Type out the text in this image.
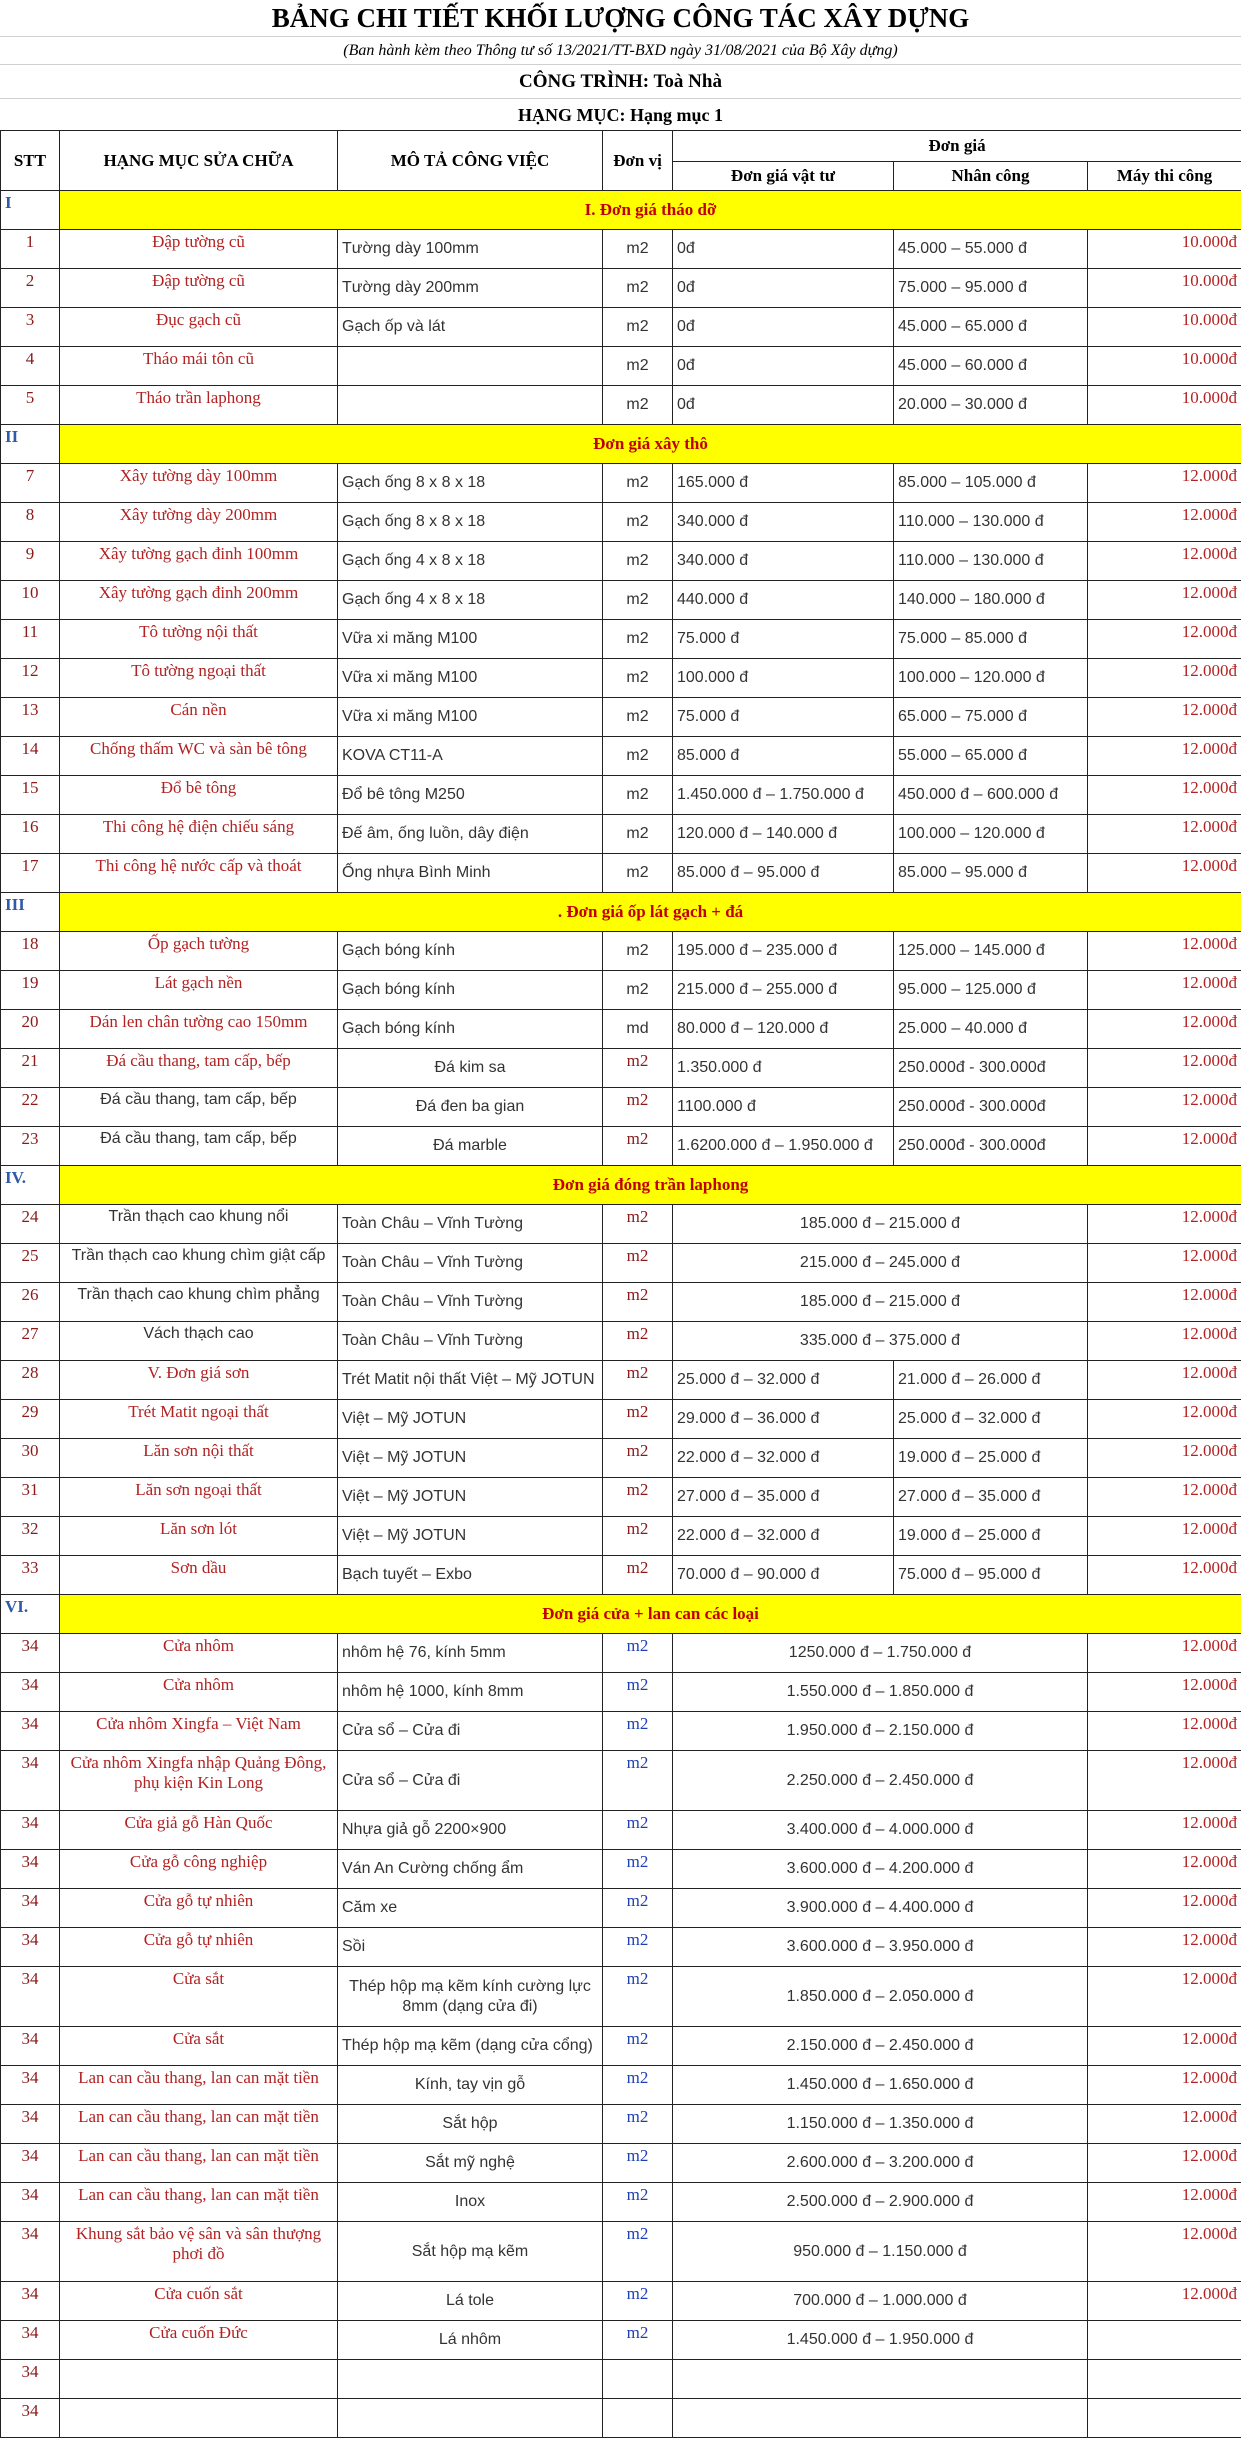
BẢNG CHI TIẾT KHỐI LƯỢNG CÔNG TÁC XÂY DỰNG
(Ban hành kèm theo Thông tư số 13/2021/TT-BXD ngày 31/08/2021 của Bộ Xây dựng)
CÔNG TRÌNH: Toà Nhà
HẠNG MỤC: Hạng mục 1
STT	HẠNG MỤC SỬA CHỮA	MÔ TẢ CÔNG VIỆC	Đơn vị	Đơn giá		
				Đơn giá vật tư	Nhân công	Máy thi công
I	I. Đơn giá tháo dỡ					
1	Đập tường cũ	Tường dày 100mm	m2	0đ	45.000 – 55.000 đ	10.000đ
2	Đập tường cũ	Tường dày 200mm	m2	0đ	75.000 – 95.000 đ	10.000đ
3	Đục gạch cũ	Gạch ốp và lát	m2	0đ	45.000 – 65.000 đ	10.000đ
4	Tháo mái tôn cũ		m2	0đ	45.000 – 60.000 đ	10.000đ
5	Tháo trần laphong		m2	0đ	20.000 – 30.000 đ	10.000đ
II	Đơn giá xây thô					
7	Xây tường dày 100mm	Gạch ống 8 x 8 x 18	m2	165.000 đ	85.000 – 105.000 đ	12.000đ
8	Xây tường dày 200mm	Gạch ống 8 x 8 x 18	m2	340.000 đ	110.000 – 130.000 đ	12.000đ
9	Xây tường gạch đinh 100mm	Gạch ống 4 x 8 x 18	m2	340.000 đ	110.000 – 130.000 đ	12.000đ
10	Xây tường gạch đinh 200mm	Gạch ống 4 x 8 x 18	m2	440.000 đ	140.000 – 180.000 đ	12.000đ
11	Tô tường nội thất	Vữa xi măng M100	m2	75.000 đ	75.000 – 85.000 đ	12.000đ
12	Tô tường ngoại thất	Vữa xi măng M100	m2	100.000 đ	100.000 – 120.000 đ	12.000đ
13	Cán nền	Vữa xi măng M100	m2	75.000 đ	65.000 – 75.000 đ	12.000đ
14	Chống thấm WC và sàn bê tông	KOVA CT11-A	m2	85.000 đ	55.000 – 65.000 đ	12.000đ
15	Đổ bê tông	Đổ bê tông M250	m2	1.450.000 đ – 1.750.000 đ	450.000 đ – 600.000 đ	12.000đ
16	Thi công hệ điện chiếu sáng	Đế âm, ống luồn, dây điện	m2	120.000 đ – 140.000 đ	100.000 – 120.000 đ	12.000đ
17	Thi công hệ nước cấp và thoát	Ống nhựa Bình Minh	m2	85.000 đ – 95.000 đ	85.000 – 95.000 đ	12.000đ
III	. Đơn giá ốp lát gạch + đá					
18	Ốp gạch tường	Gạch bóng kính	m2	195.000 đ – 235.000 đ	125.000 – 145.000 đ	12.000đ
19	Lát gạch nền	Gạch bóng kính	m2	215.000 đ – 255.000 đ	95.000 – 125.000 đ	12.000đ
20	Dán len chân tường cao 150mm	Gạch bóng kính	md	80.000 đ – 120.000 đ	25.000 – 40.000 đ	12.000đ
21	Đá cầu thang, tam cấp, bếp	Đá kim sa	m2	1.350.000 đ	250.000đ - 300.000đ	12.000đ
22	Đá cầu thang, tam cấp, bếp	Đá đen ba gian	m2	1100.000 đ	250.000đ - 300.000đ	12.000đ
23	Đá cầu thang, tam cấp, bếp	Đá marble	m2	1.6200.000 đ – 1.950.000 đ	250.000đ - 300.000đ	12.000đ
IV.	Đơn giá đóng trần laphong					
24	Trần thạch cao khung nổi	Toàn Châu – Vĩnh Tường	m2	185.000 đ – 215.000 đ		12.000đ
25	Trần thạch cao khung chìm giật cấp	Toàn Châu – Vĩnh Tường	m2	215.000 đ – 245.000 đ		12.000đ
26	Trần thạch cao khung chìm phẳng	Toàn Châu – Vĩnh Tường	m2	185.000 đ – 215.000 đ		12.000đ
27	Vách thạch cao	Toàn Châu – Vĩnh Tường	m2	335.000 đ – 375.000 đ		12.000đ
28	V. Đơn giá sơn	Trét Matit nội thất Việt – Mỹ JOTUN	m2	25.000 đ – 32.000 đ	21.000 đ – 26.000 đ	12.000đ
29	Trét Matit ngoại thất	Việt – Mỹ JOTUN	m2	29.000 đ – 36.000 đ	25.000 đ – 32.000 đ	12.000đ
30	Lăn sơn nội thất	Việt – Mỹ JOTUN	m2	22.000 đ – 32.000 đ	19.000 đ – 25.000 đ	12.000đ
31	Lăn sơn ngoại thất	Việt – Mỹ JOTUN	m2	27.000 đ – 35.000 đ	27.000 đ – 35.000 đ	12.000đ
32	Lăn sơn lót	Việt – Mỹ JOTUN	m2	22.000 đ – 32.000 đ	19.000 đ – 25.000 đ	12.000đ
33	Sơn dầu	Bạch tuyết – Exbo	m2	70.000 đ – 90.000 đ	75.000 đ – 95.000 đ	12.000đ
VI.	Đơn giá cửa + lan can các loại					
34	Cửa nhôm	nhôm hệ 76, kính 5mm	m2	1250.000 đ – 1.750.000 đ		12.000đ
34	Cửa nhôm	nhôm hệ 1000, kính 8mm	m2	1.550.000 đ – 1.850.000 đ		12.000đ
34	Cửa nhôm Xingfa – Việt Nam	Cửa sổ – Cửa đi	m2	1.950.000 đ – 2.150.000 đ		12.000đ
34	Cửa nhôm Xingfa nhập Quảng Đông, phụ kiện Kin Long	Cửa sổ – Cửa đi	m2	2.250.000 đ – 2.450.000 đ		12.000đ
34	Cửa giả gỗ Hàn Quốc	Nhựa giả gỗ 2200×900	m2	3.400.000 đ – 4.000.000 đ		12.000đ
34	Cửa gỗ công nghiệp	Ván An Cường chống ẩm	m2	3.600.000 đ – 4.200.000 đ		12.000đ
34	Cửa gỗ tự nhiên	Căm xe	m2	3.900.000 đ – 4.400.000 đ		12.000đ
34	Cửa gỗ tự nhiên	Sồi	m2	3.600.000 đ – 3.950.000 đ		12.000đ
34	Cửa sắt	Thép hộp mạ kẽm kính cường lực 8mm (dạng cửa đi)	m2	1.850.000 đ – 2.050.000 đ		12.000đ
34	Cửa sắt	Thép hộp mạ kẽm (dạng cửa cổng)	m2	2.150.000 đ – 2.450.000 đ		12.000đ
34	Lan can cầu thang, lan can mặt tiền	Kính, tay vịn gỗ	m2	1.450.000 đ – 1.650.000 đ		12.000đ
34	Lan can cầu thang, lan can mặt tiền	Sắt hộp	m2	1.150.000 đ – 1.350.000 đ		12.000đ
34	Lan can cầu thang, lan can mặt tiền	Sắt mỹ nghệ	m2	2.600.000 đ – 3.200.000 đ		12.000đ
34	Lan can cầu thang, lan can mặt tiền	Inox	m2	2.500.000 đ – 2.900.000 đ		12.000đ
34	Khung sắt bảo vệ sân và sân thượng phơi đồ	Sắt hộp mạ kẽm	m2	950.000 đ – 1.150.000 đ		12.000đ
34	Cửa cuốn sắt	Lá tole	m2	700.000 đ – 1.000.000 đ		12.000đ
34	Cửa cuốn Đức	Lá nhôm	m2	1.450.000 đ – 1.950.000 đ		
34						
34						
